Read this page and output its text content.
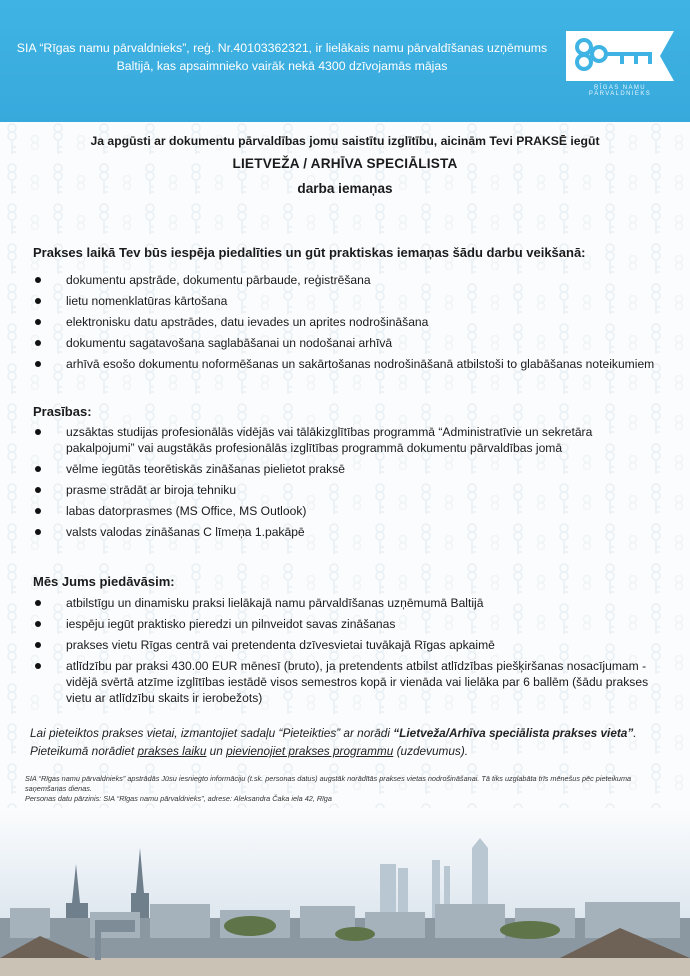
SIA “Rīgas namu pārvaldnieks”, reģ. Nr.40103362321, ir lielākais namu pārvaldīšanas uzņēmums Baltijā, kas apsaimnieko vairāk nekā 4300 dzīvojamās mājas
RĪGAS NAMU PĀRVALDNIEKS
Ja apgūsti ar dokumentu pārvaldības jomu saistītu izglītību, aicinām Tevi PRAKSĒ iegūt
LIETVEŽA / ARHĪVA SPECIĀLISTA
darba iemaņas
Prakses laikā Tev būs iespēja piedalīties un gūt praktiskas iemaņas šādu darbu veikšanā:
dokumentu apstrāde, dokumentu pārbaude, reģistrēšana
lietu nomenklatūras kārtošana
elektronisku datu apstrādes, datu ievades un aprites nodrošināšana
dokumentu sagatavošana saglabāšanai un nodošanai arhīvā
arhīvā esošo dokumentu noformēšanas un sakārtošanas nodrošināšanā atbilstoši to glabāšanas noteikumiem
Prasības:
uzsāktas studijas profesionālās vidējās vai tālākizglītības programmā “Administratīvie un sekretāra pakalpojumi” vai augstākās profesionālās izglītības programmā dokumentu pārvaldības jomā
vēlme iegūtās teorētiskās zināšanas pielietot praksē
prasme strādāt ar biroja tehniku
labas datorprasmes (MS Office, MS Outlook)
valsts valodas zināšanas C līmeņa 1.pakāpē
Mēs Jums piedāvāsim:
atbilstīgu un dinamisku praksi lielākajā namu pārvaldīšanas uzņēmumā Baltijā
iespēju iegūt praktisko pieredzi un pilnveidot savas zināšanas
prakses vietu Rīgas centrā vai pretendenta dzīvesvietai tuvākajā Rīgas apkaimē
atlīdzību par praksi 430.00 EUR mēnesī (bruto), ja pretendents atbilst atlīdzības piešķiršanas nosacījumam - vidējā svērtā atzīme izglītības iestādē visos semestros kopā ir vienāda vai lielāka par 6 ballēm (šādu prakses vietu ar atlīdzību skaits ir ierobežots)
Lai pieteiktos prakses vietai, izmantojiet sadaļu “Pieteikties” ar norādi “Lietveža/Arhīva speciālista prakses vieta”. Pieteikumā norādiet prakses laiku un pievienojiet prakses programmu (uzdevumus).
SIA “Rīgas namu pārvaldnieks” apstrādās Jūsu iesniegto informāciju (t.sk. personas datus) augstāk norādītās prakses vietas nodrošināšanai. Tā tiks uzglabāta trīs mēnešus pēc pieteikuma saņemšanas dienas.
Personas datu pārzinis: SIA “Rīgas namu pārvaldnieks”, adrese: Aleksandra Čaka iela 42, Rīga
